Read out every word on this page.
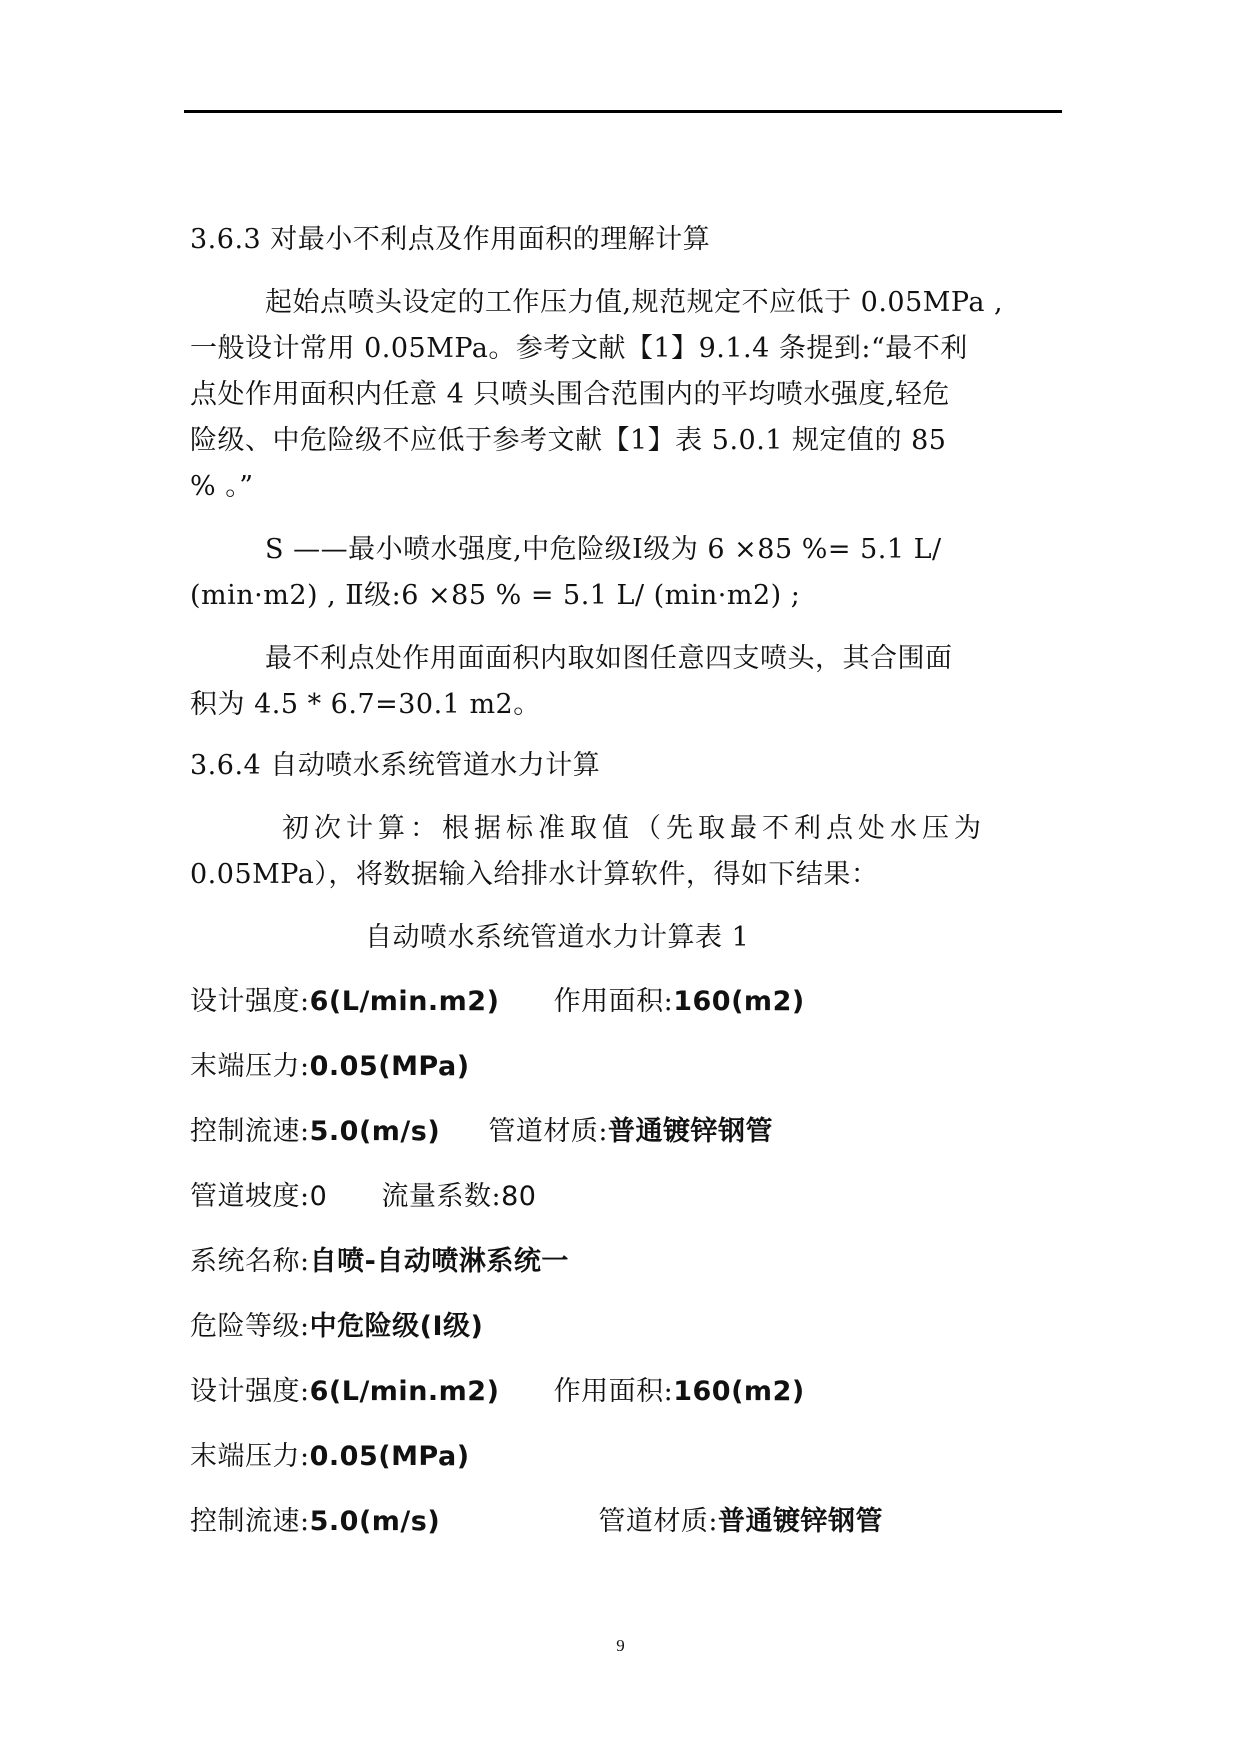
3.6.3 对最小不利点及作用面积的理解计算
起始点喷头设定的工作压力值,规范规定不应低于 0.05MPa ,
一般设计常用 0.05MPa。参考文献【1】9.1.4 条提到:“最不利
点处作用面积内任意 4 只喷头围合范围内的平均喷水强度,轻危
险级、中危险级不应低于参考文献【1】表 5.0.1 规定值的 85
% 。”
S ——最小喷水强度,中危险级Ⅰ级为 6 ×85 %= 5.1 L/
(min·m2) , Ⅱ级:6 ×85 % = 5.1 L/ (min·m2) ;
最不利点处作用面面积内取如图任意四支喷头，其合围面
积为 4.5 * 6.7=30.1 m2。
3.6.4 自动喷水系统管道水力计算
初次计算：根据标准取值（先取最不利点处水压为
0.05MPa），将数据输入给排水计算软件，得如下结果：
自动喷水系统管道水力计算表 1
设计强度:6(L/min.m2) 作用面积:160(m2)
末端压力:0.05(MPa)
控制流速:5.0(m/s) 管道材质:普通镀锌钢管
管道坡度:0 流量系数:80
系统名称:自喷-自动喷淋系统一
危险等级:中危险级(Ⅰ级)
设计强度:6(L/min.m2) 作用面积:160(m2)
末端压力:0.05(MPa)
控制流速:5.0(m/s)	管道材质:普通镀锌钢管
9
